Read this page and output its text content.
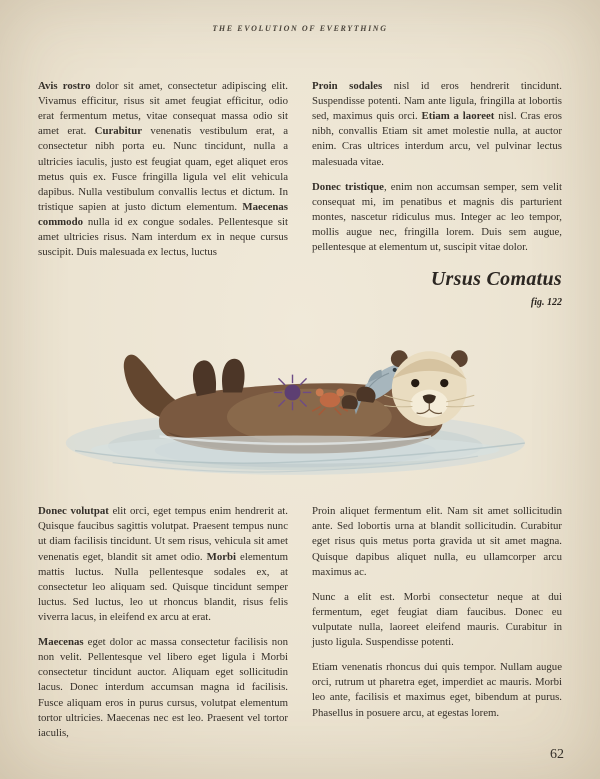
THE EVOLUTION OF EVERYTHING

Avis rostro dolor sit amet, consectetur adipiscing elit. Vivamus efficitur, risus sit amet feugiat efficitur, odio erat fermentum metus, vitae consequat massa odio sit amet erat. Curabitur venenatis vestibulum erat, a consectetur nibh porta eu. Nunc tincidunt, nulla a ultricies iaculis, justo est feugiat quam, eget aliquet eros metus quis ex. Fusce fringilla ligula vel elit vehicula dapibus. Nulla vestibulum convallis lectus et dictum. In tristique sapien at justo dictum elementum. Maecenas commodo nulla id ex congue sodales. Pellentesque sit amet ultricies risus. Nam interdum ex in neque cursus suscipit. Duis malesuada ex lectus, luctus

Proin sodales nisl id eros hendrerit tincidunt. Suspendisse potenti. Nam ante ligula, fringilla at lobortis sed, maximus quis orci. Etiam a laoreet nisl. Cras eros nibh, convallis Etiam sit amet molestie nulla, at auctor enim. Cras ultrices interdum arcu, vel pulvinar lectus malesuada vitae.

Donec tristique, enim non accumsan semper, sem velit consequat mi, im penatibus et magnis dis parturient montes, nascetur ridiculus mus. Integer ac leo tempor, mollis augue nec, fringilla lorem. Duis sem augue, pellentesque at elementum ut, suscipit vitae dolor.

Ursus Comatus
fig. 122

Donec volutpat elit orci, eget tempus enim hendrerit at. Quisque faucibus sagittis volutpat. Praesent tempus nunc ut diam facilisis tincidunt. Ut sem risus, vehicula sit amet venenatis eget, blandit sit amet odio. Morbi elementum mattis luctus. Nulla pellentesque sodales ex, at consectetur leo aliquam sed. Quisque tincidunt semper luctus. Sed luctus, leo ut rhoncus blandit, risus felis viverra lacus, in eleifend ex arcu at erat.

Maecenas eget dolor ac massa consectetur facilisis non non velit. Pellentesque vel libero eget ligula i Morbi consectetur tincidunt auctor. Aliquam eget sollicitudin lacus. Donec interdum accumsan magna id facilisis. Fusce aliquam eros in purus cursus, volutpat elementum tortor ultricies. Maecenas nec est leo. Praesent vel tortor iaculis,

Proin aliquet fermentum elit. Nam sit amet sollicitudin ante. Sed lobortis urna at blandit sollicitudin. Curabitur eget risus quis metus porta gravida ut sit amet magna. Quisque dapibus aliquet nulla, eu ullamcorper arcu maximus ac.

Nunc a elit est. Morbi consectetur neque at dui fermentum, eget feugiat diam faucibus. Donec eu vulputate nulla, laoreet eleifend mauris. Curabitur in justo ligula. Suspendisse potenti.

Etiam venenatis rhoncus dui quis tempor. Nullam augue orci, rutrum ut pharetra eget, imperdiet ac mauris. Morbi leo ante, facilisis et maximus eget, bibendum at purus. Phasellus in posuere arcu, at egestas lorem.

62
